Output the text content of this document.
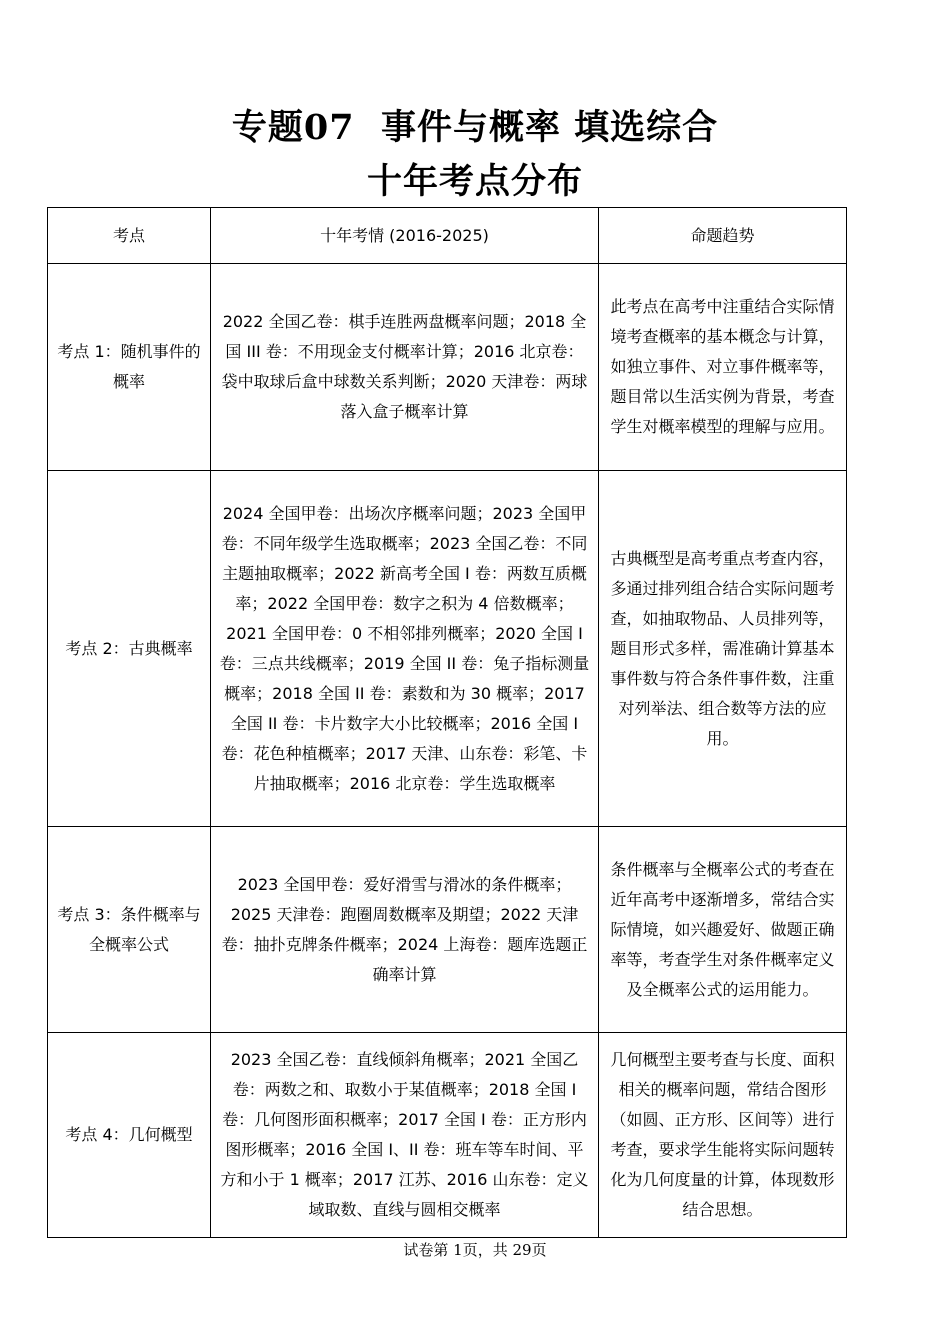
专题07 事件与概率 填选综合
十年考点分布
考点	十年考情 (2016-2025)	命题趋势
考点 1：随机事件的概率	2022 全国乙卷：棋手连胜两盘概率问题；2018 全国 III 卷：不用现金支付概率计算；2016 北京卷：袋中取球后盒中球数关系判断；2020 天津卷：两球落入盒子概率计算	此考点在高考中注重结合实际情境考查概率的基本概念与计算，如独立事件、对立事件概率等，题目常以生活实例为背景，考查学生对概率模型的理解与应用。
考点 2：古典概率	2024 全国甲卷：出场次序概率问题；2023 全国甲卷：不同年级学生选取概率；2023 全国乙卷：不同主题抽取概率；2022 新高考全国 Ⅰ 卷：两数互质概率；2022 全国甲卷：数字之积为 4 倍数概率；2021 全国甲卷：0 不相邻排列概率；2020 全国 I 卷：三点共线概率；2019 全国 II 卷：兔子指标测量概率；2018 全国 II 卷：素数和为 30 概率；2017 全国 II 卷：卡片数字大小比较概率；2016 全国 I 卷：花色种植概率；2017 天津、山东卷：彩笔、卡片抽取概率；2016 北京卷：学生选取概率	古典概型是高考重点考查内容，多通过排列组合结合实际问题考查，如抽取物品、人员排列等，题目形式多样，需准确计算基本事件数与符合条件事件数，注重对列举法、组合数等方法的应用。
考点 3：条件概率与全概率公式	2023 全国甲卷：爱好滑雪与滑冰的条件概率；2025 天津卷：跑圈周数概率及期望；2022 天津卷：抽扑克牌条件概率；2024 上海卷：题库选题正确率计算	条件概率与全概率公式的考查在近年高考中逐渐增多，常结合实际情境，如兴趣爱好、做题正确率等，考查学生对条件概率定义及全概率公式的运用能力。
考点 4：几何概型	2023 全国乙卷：直线倾斜角概率；2021 全国乙卷：两数之和、取数小于某值概率；2018 全国 I 卷：几何图形面积概率；2017 全国 I 卷：正方形内图形概率；2016 全国 I、II 卷：班车等车时间、平方和小于 1 概率；2017 江苏、2016 山东卷：定义域取数、直线与圆相交概率	几何概型主要考查与长度、面积相关的概率问题，常结合图形（如圆、正方形、区间等）进行考查，要求学生能将实际问题转化为几何度量的计算，体现数形结合思想。
试卷第 1页，共 29页
